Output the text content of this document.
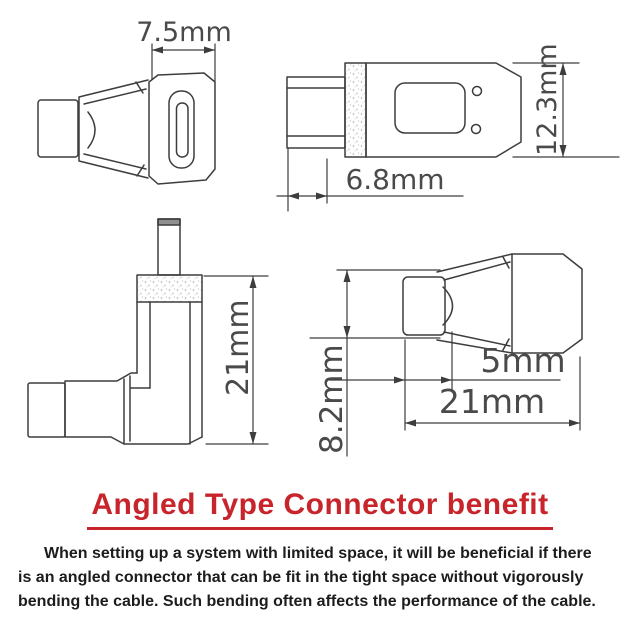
7.5mm
12.3mm
6.8mm
21mm 8.2mm	5mm
21mm
Angled Type Connector benefit
When setting up a system with limited space, it will be beneficial if there
is an angled connector that can be fit in the tight space without vigorously
bending the cable. Such bending often affects the performance of the cable.
